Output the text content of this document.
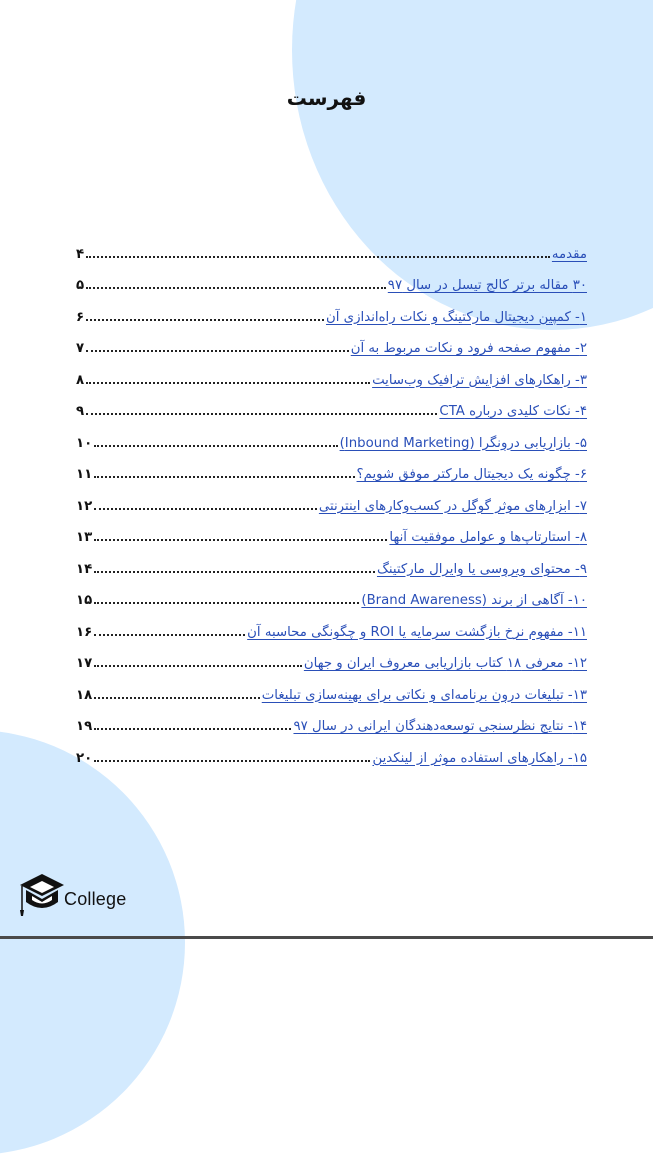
فهرست
مقدمه
۴
۳۰ مقاله برتر کالج تیسل در سال ۹۷
۵
۱- کمپین دیجیتال مارکتینگ و نکات راه‌اندازی آن
۶
۲- مفهوم صفحه فرود و نکات مربوط به آن
۷
۳- راهکارهای افزایش ترافیک وب‌سایت
۸
۴- نکات کلیدی درباره CTA
۹
۵- بازاریابی درونگرا (Inbound Marketing)
۱۰
۶- چگونه یک دیجیتال مارکتر موفق شویم؟
۱۱
۷- ابزارهای موثر گوگل در کسب‌وکارهای اینترنتی
۱۲
۸- استارتاپ‌ها و عوامل موفقیت آنها
۱۳
۹- محتوای ویروسی یا وایرال مارکتینگ
۱۴
۱۰- آگاهی از برند (Brand Awareness)
۱۵
۱۱- مفهوم نرخ بازگشت سرمایه یا ROI و چگونگی محاسبه آن
۱۶
۱۲- معرفی ۱۸ کتاب بازاریابی معروف ایران و جهان
۱۷
۱۳- تبلیغات درون برنامه‌ای و نکاتی برای بهینه‌سازی تبلیغات
۱۸
۱۴- نتایج نظرسنجی توسعه‌دهندگان ایرانی در سال ۹۷
۱۹
۱۵- راهکارهای استفاده موثر از لینکدین
۲۰
College
